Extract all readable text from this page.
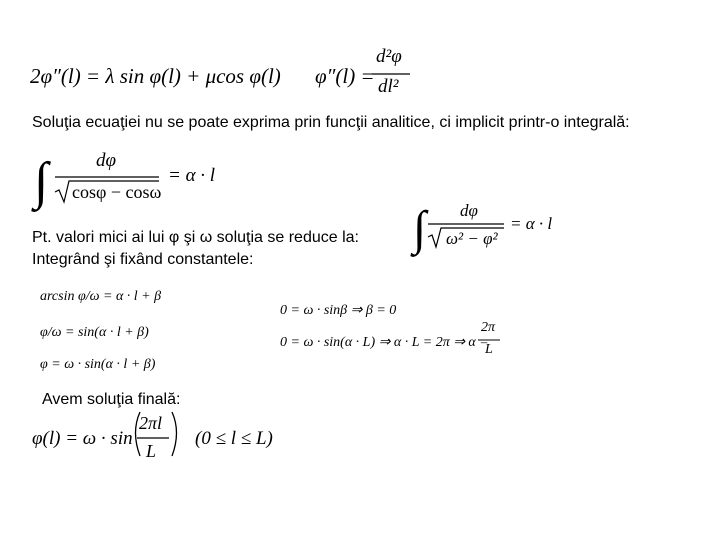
2φ″(l) = λ sin φ(l) + μcos φ(l) φ″(l) =
d²φ
dl²
Soluţia ecuaţiei nu se poate exprima prin funcţii analitice, ci implicit printr-o integrală:
∫	dφ
cosφ − cosω
= α · l
Pt. valori mici ai lui φ şi ω soluţia se reduce la:
Integrând şi fixând constantele:
∫ dφ
ω² − φ²
= α · l
arcsin φ/ω = α · l + β
φ/ω = sin(α · l + β)
φ = ω · sin(α · l + β)
0 = ω · sinβ ⇒ β = 0
0 = ω · sin(α · L) ⇒ α · L = 2π ⇒ α =
2π
L
Avem soluţia finală:
φ(l) = ω · sin
2πl
L
(0 ≤ l ≤ L)
